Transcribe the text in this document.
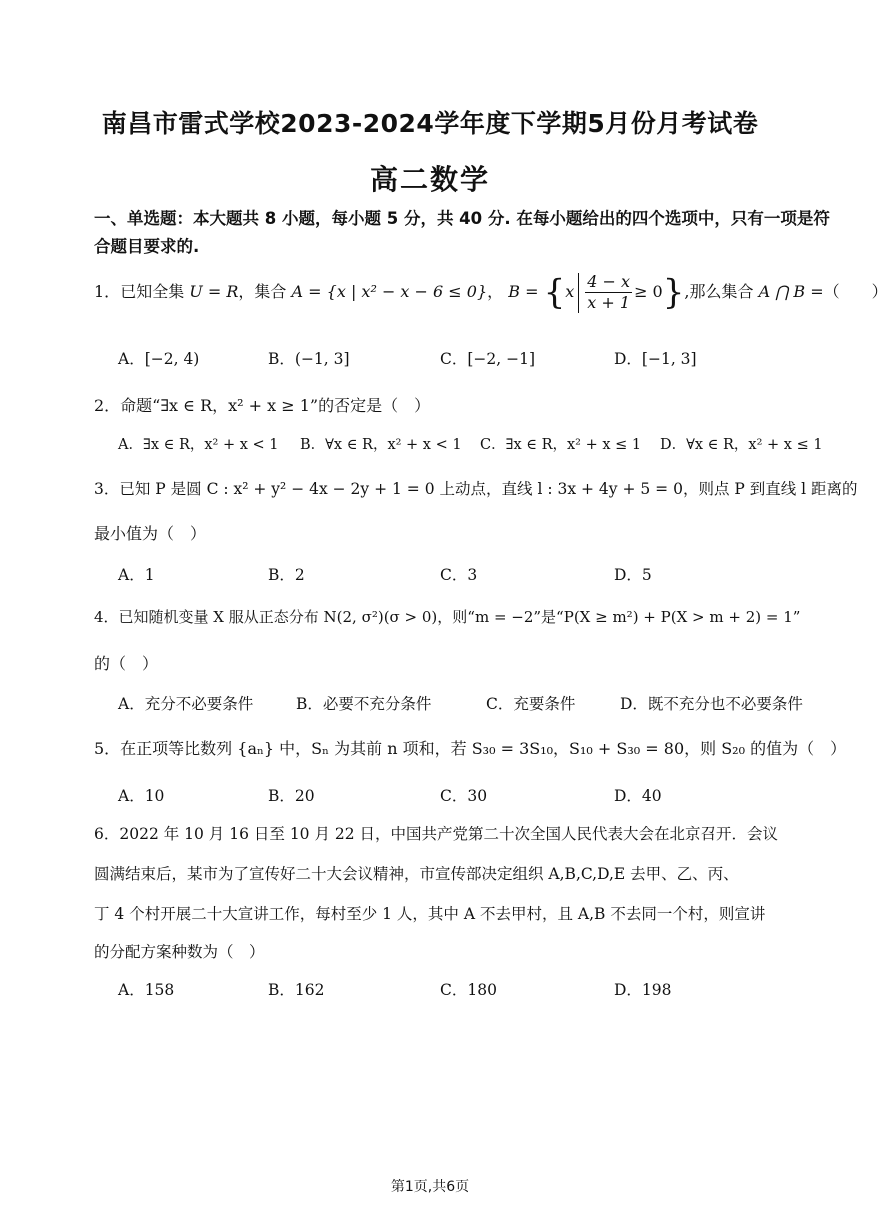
南昌市雷式学校2023-2024学年度下学期5月份月考试卷
高二数学
一、单选题：本大题共 8 小题，每小题 5 分，共 40 分. 在每小题给出的四个选项中，只有一项是符合题目要求的.
1．已知全集 U = R，集合 A = {x | x² − x − 6 ≤ 0}， $B = \{x \frac{4 - x}{x + 1} \ge 0\}$,那么集合 A ⋂ B =（　　）
A．[−2, 4)	B．(−1, 3]	C．[−2, −1]	D．[−1, 3]
2．命题“∃x ∈ R，x² + x ≥ 1”的否定是（　）
A．∃x ∈ R，x² + x < 1 B．∀x ∈ R，x² + x < 1 C．∃x ∈ R，x² + x ≤ 1 D．∀x ∈ R，x² + x ≤ 1
3．已知 P 是圆 C : x² + y² − 4x − 2y + 1 = 0 上动点，直线 l : 3x + 4y + 5 = 0，则点 P 到直线 l 距离的
最小值为（　）
A．1	B．2	C．3	D．5
4．已知随机变量 X 服从正态分布 N(2, σ²)(σ > 0)，则“m = −2”是“P(X ≥ m²) + P(X > m + 2) = 1”
的（　）
A．充分不必要条件	B．必要不充分条件	C．充要条件	D．既不充分也不必要条件
5．在正项等比数列 {aₙ} 中，Sₙ 为其前 n 项和，若 S₃₀ = 3S₁₀，S₁₀ + S₃₀ = 80，则 S₂₀ 的值为（　）
A．10	B．20	C．30	D．40
6．2022 年 10 月 16 日至 10 月 22 日，中国共产党第二十次全国人民代表大会在北京召开．会议
圆满结束后，某市为了宣传好二十大会议精神，市宣传部决定组织 A,B,C,D,E 去甲、乙、丙、
丁 4 个村开展二十大宣讲工作，每村至少 1 人，其中 A 不去甲村，且 A,B 不去同一个村，则宣讲
的分配方案种数为（　）
A．158	B．162	C．180	D．198
第1页,共6页
